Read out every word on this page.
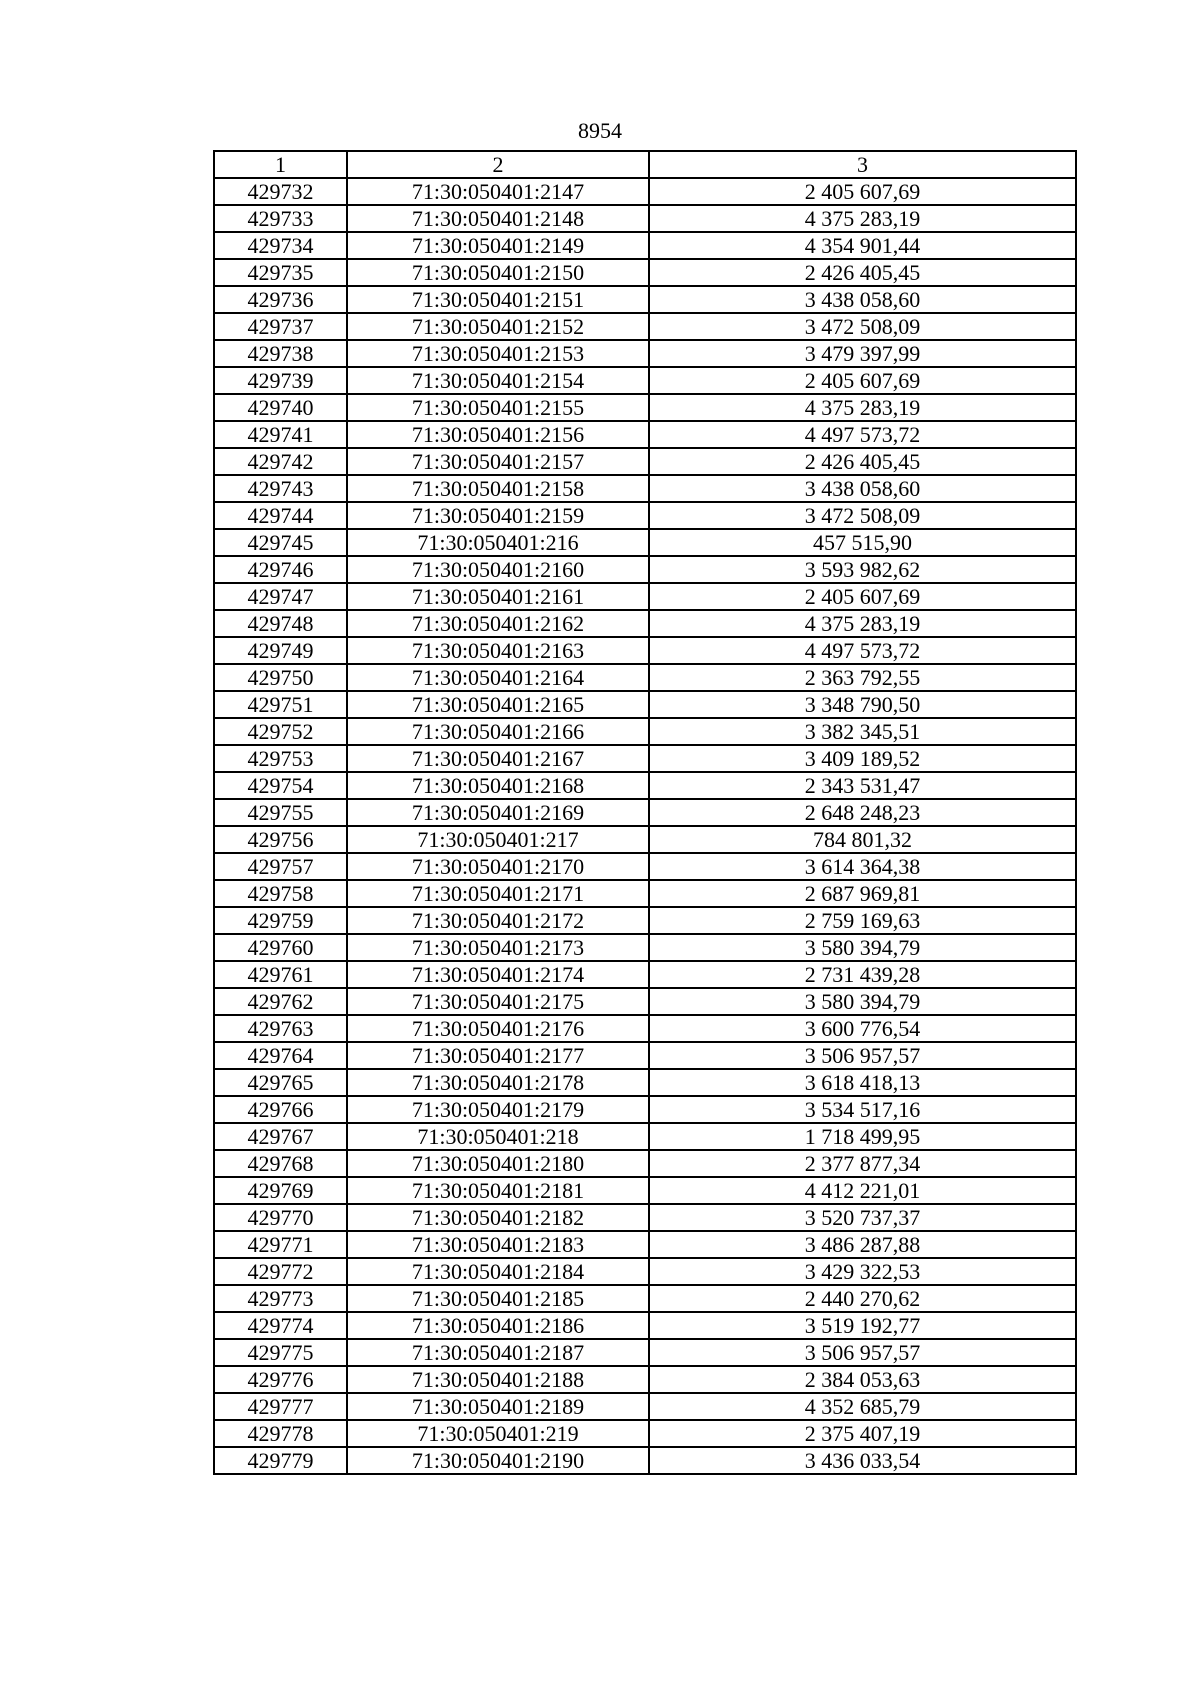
8954
1	2	3
429732	71:30:050401:2147	2 405 607,69
429733	71:30:050401:2148	4 375 283,19
429734	71:30:050401:2149	4 354 901,44
429735	71:30:050401:2150	2 426 405,45
429736	71:30:050401:2151	3 438 058,60
429737	71:30:050401:2152	3 472 508,09
429738	71:30:050401:2153	3 479 397,99
429739	71:30:050401:2154	2 405 607,69
429740	71:30:050401:2155	4 375 283,19
429741	71:30:050401:2156	4 497 573,72
429742	71:30:050401:2157	2 426 405,45
429743	71:30:050401:2158	3 438 058,60
429744	71:30:050401:2159	3 472 508,09
429745	71:30:050401:216	457 515,90
429746	71:30:050401:2160	3 593 982,62
429747	71:30:050401:2161	2 405 607,69
429748	71:30:050401:2162	4 375 283,19
429749	71:30:050401:2163	4 497 573,72
429750	71:30:050401:2164	2 363 792,55
429751	71:30:050401:2165	3 348 790,50
429752	71:30:050401:2166	3 382 345,51
429753	71:30:050401:2167	3 409 189,52
429754	71:30:050401:2168	2 343 531,47
429755	71:30:050401:2169	2 648 248,23
429756	71:30:050401:217	784 801,32
429757	71:30:050401:2170	3 614 364,38
429758	71:30:050401:2171	2 687 969,81
429759	71:30:050401:2172	2 759 169,63
429760	71:30:050401:2173	3 580 394,79
429761	71:30:050401:2174	2 731 439,28
429762	71:30:050401:2175	3 580 394,79
429763	71:30:050401:2176	3 600 776,54
429764	71:30:050401:2177	3 506 957,57
429765	71:30:050401:2178	3 618 418,13
429766	71:30:050401:2179	3 534 517,16
429767	71:30:050401:218	1 718 499,95
429768	71:30:050401:2180	2 377 877,34
429769	71:30:050401:2181	4 412 221,01
429770	71:30:050401:2182	3 520 737,37
429771	71:30:050401:2183	3 486 287,88
429772	71:30:050401:2184	3 429 322,53
429773	71:30:050401:2185	2 440 270,62
429774	71:30:050401:2186	3 519 192,77
429775	71:30:050401:2187	3 506 957,57
429776	71:30:050401:2188	2 384 053,63
429777	71:30:050401:2189	4 352 685,79
429778	71:30:050401:219	2 375 407,19
429779	71:30:050401:2190	3 436 033,54
